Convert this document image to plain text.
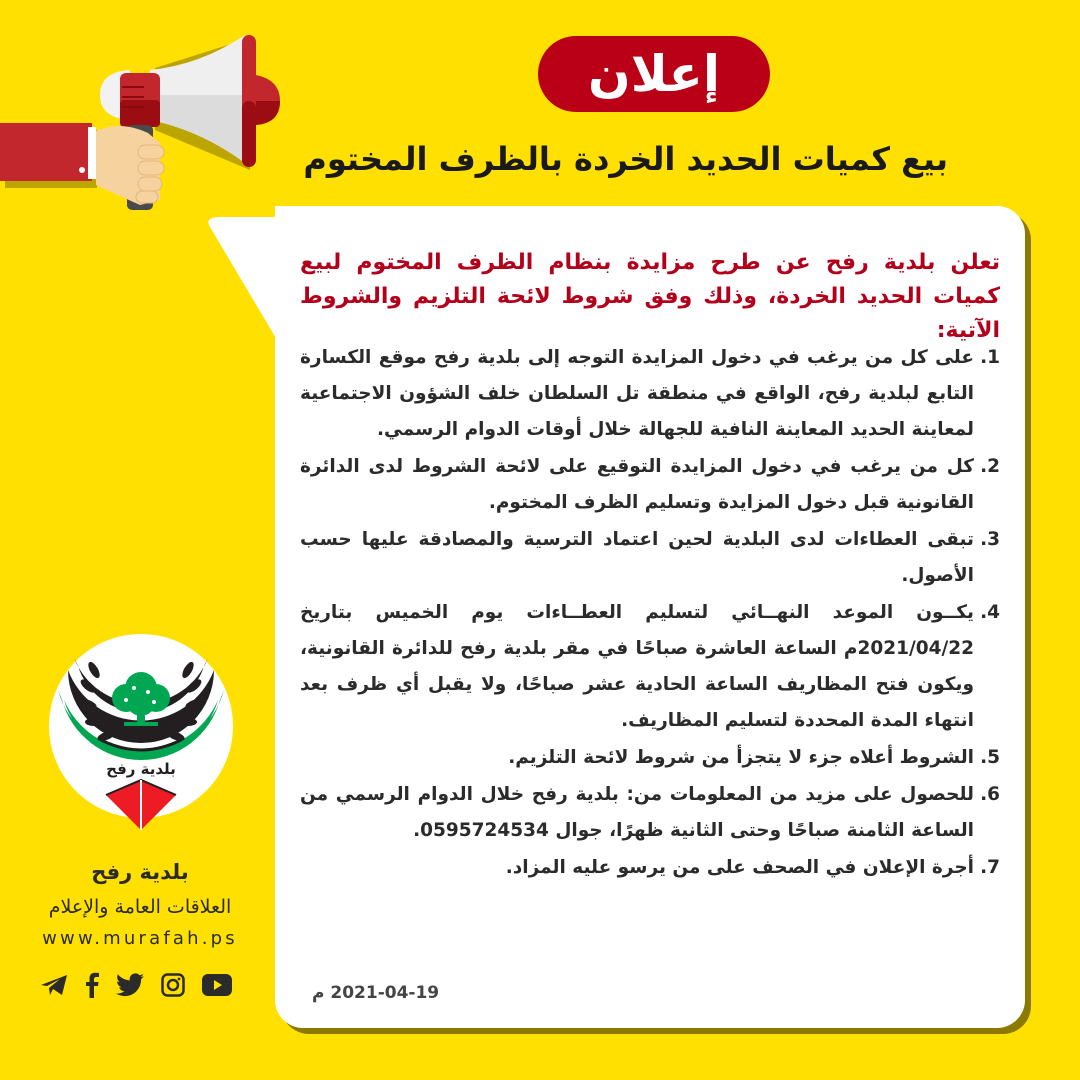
إعلان
بيع كميات الحديد الخردة بالظرف المختوم
تعلن بلدية رفح عن طرح مزايدة بنظام الظرف المختوم لبيع كميات الحديد الخردة، وذلك وفق شروط لائحة التلزيم والشروط الآتية:
1.
على كل من يرغب في دخول المزايدة التوجه إلى بلدية رفح موقع الكسارة التابع لبلدية رفح، الواقع في منطقة تل السلطان خلف الشؤون الاجتماعية لمعاينة الحديد المعاينة النافية للجهالة خلال أوقات الدوام الرسمي.
2.
كل من يرغب في دخول المزايدة التوقيع على لائحة الشروط لدى الدائرة القانونية قبل دخول المزايدة وتسليم الظرف المختوم.
3.
تبقى العطاءات لدى البلدية لحين اعتماد الترسية والمصادقة عليها حسب الأصول.
4.
يكــون الموعد النهــائي لتسليم العطــاءات يوم الخميس بتاريخ 2021/04/22م الساعة العاشرة صباحًا في مقر بلدية رفح للدائرة القانونية، ويكون فتح المظاريف الساعة الحادية عشر صباحًا، ولا يقبل أي ظرف بعد انتهاء المدة المحددة لتسليم المظاريف.
5.
الشروط أعلاه جزء لا يتجزأ من شروط لائحة التلزيم.
6.
للحصول على مزيد من المعلومات من: بلدية رفح خلال الدوام الرسمي من الساعة الثامنة صباحًا وحتى الثانية ظهرًا، جوال 0595724534.
7.
أجرة الإعلان في الصحف على من يرسو عليه المزاد.
2021-04-19 م
بلدية رفح
بلدية رفح
العلاقات العامة والإعلام
www.murafah.ps
